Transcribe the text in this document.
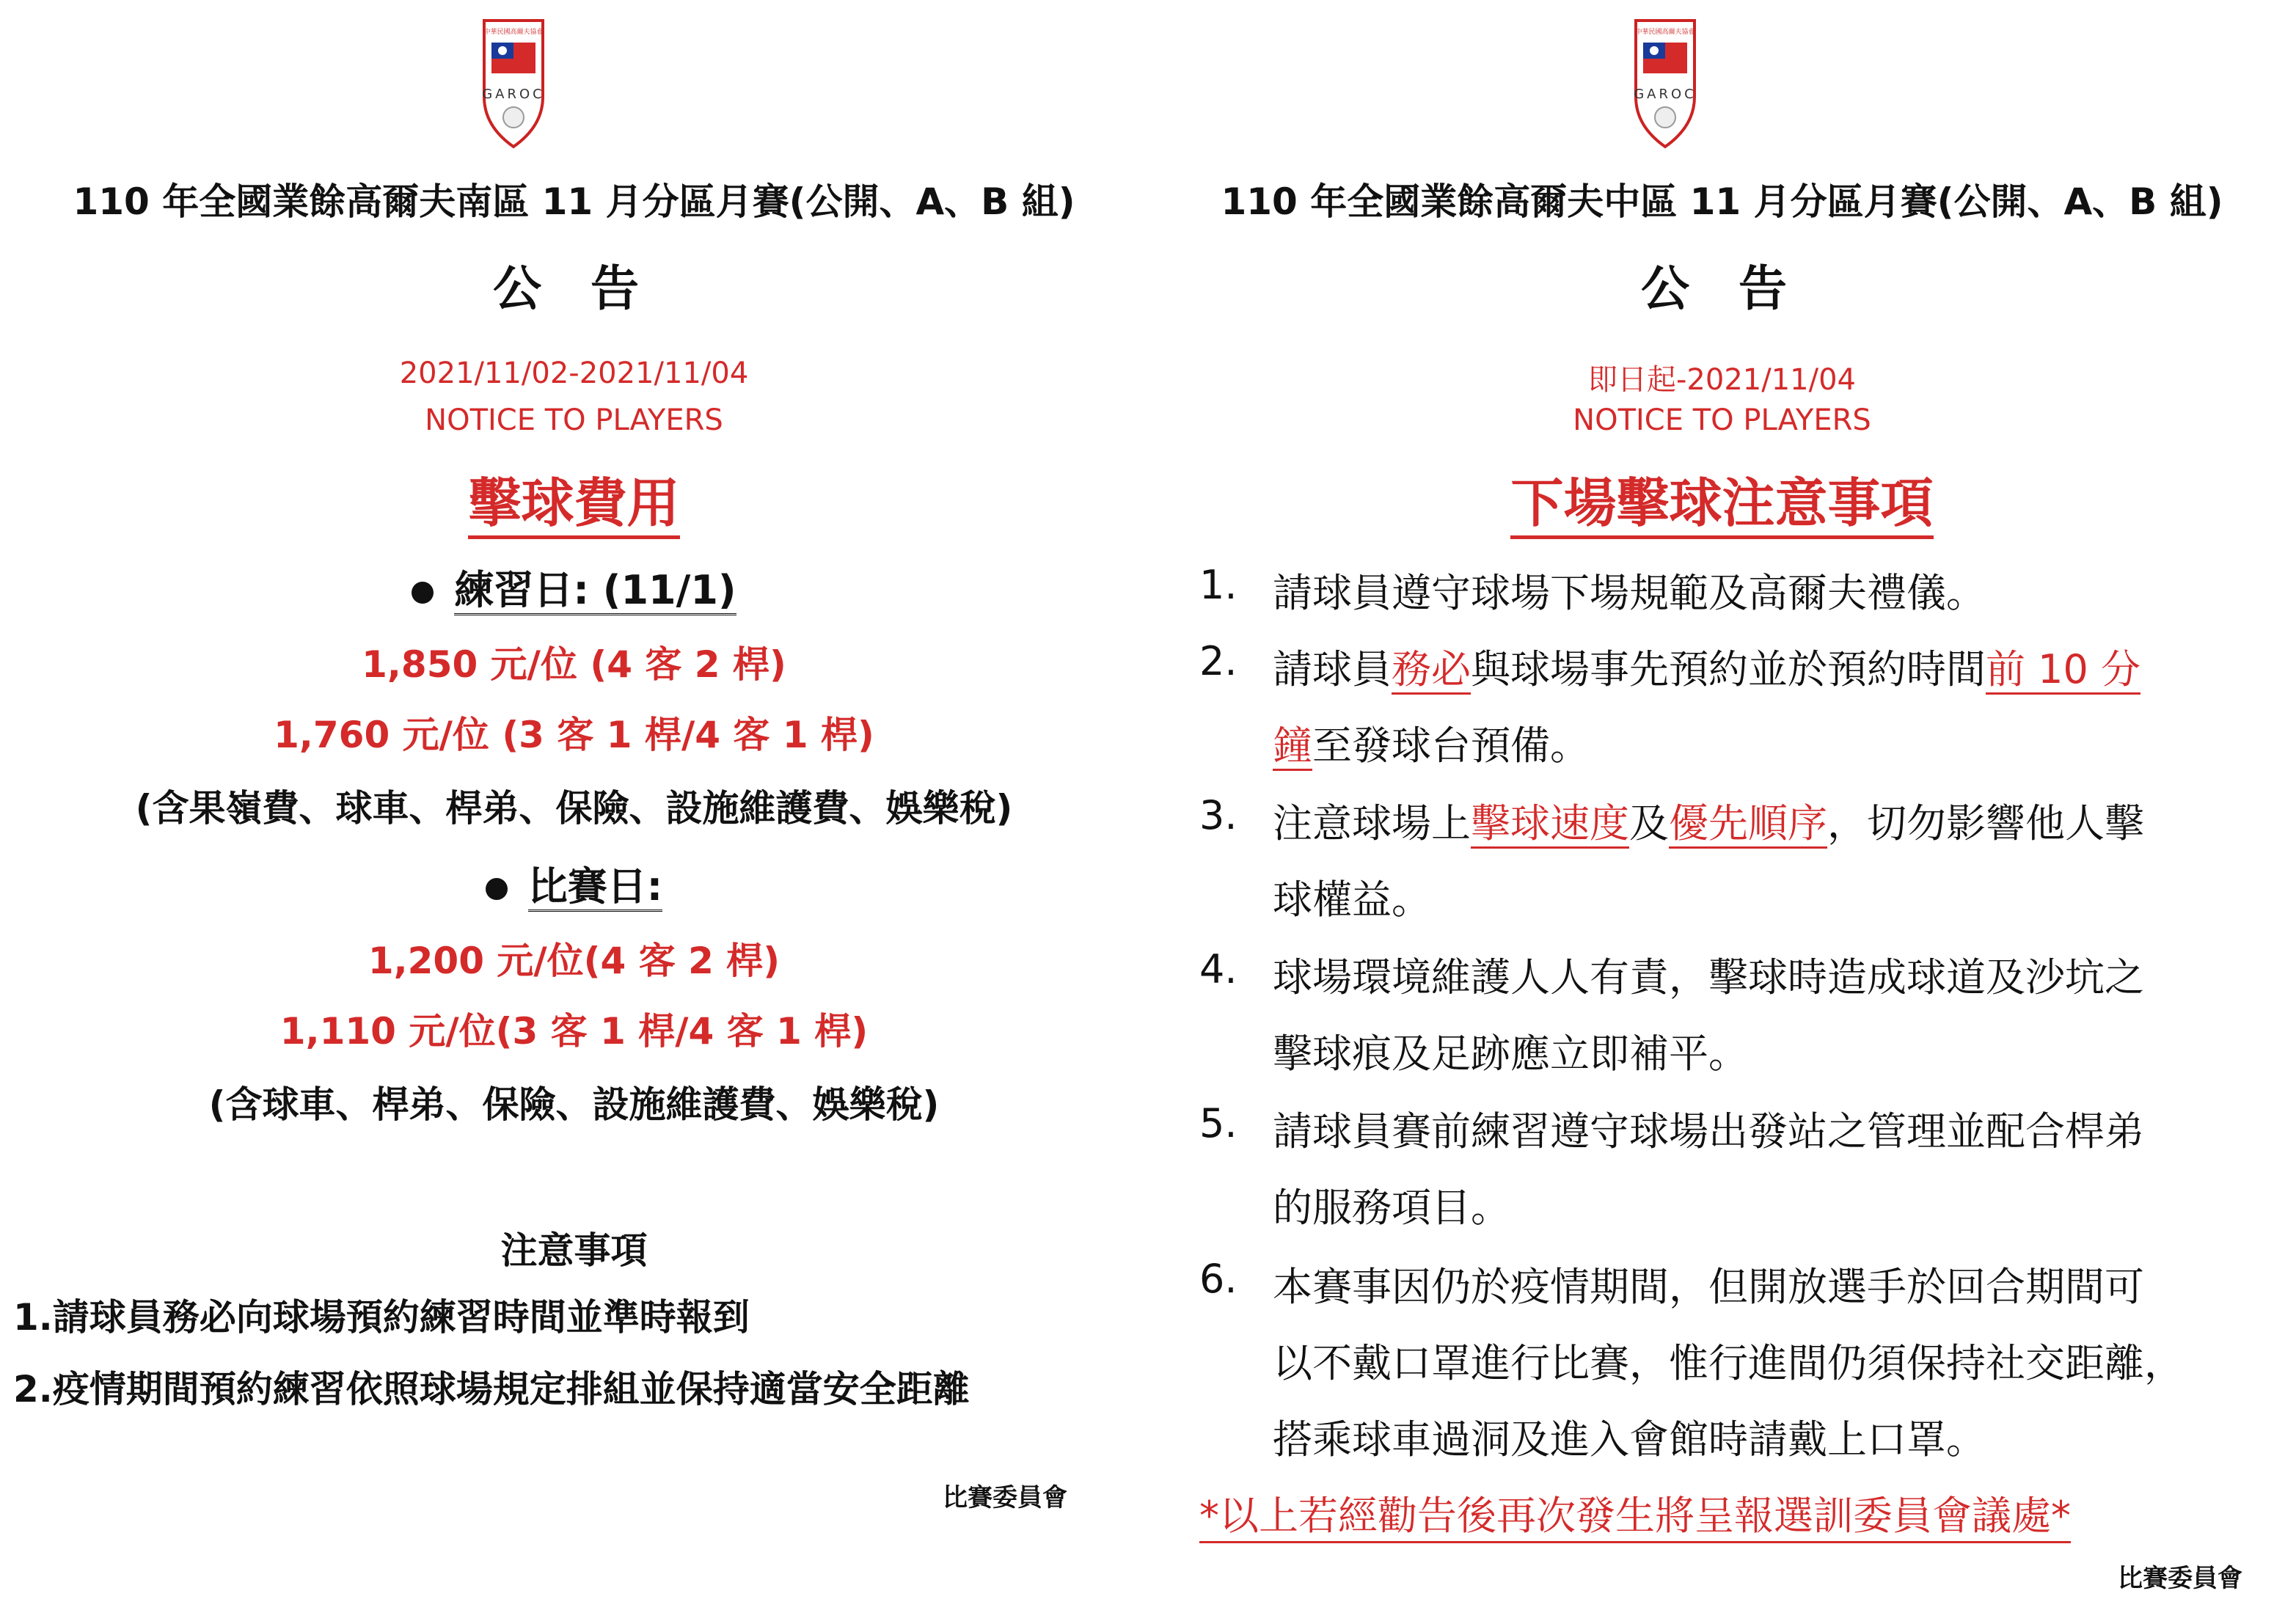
中華民國高爾夫協會
GAROC
110 年全國業餘高爾夫南區 11 月分區月賽(公開、A、B 組)
公 告
2021/11/02-2021/11/04
NOTICE TO PLAYERS
擊球費用
練習日: (11/1)
1,850 元/位 (4 客 2 桿)
1,760 元/位 (3 客 1 桿/4 客 1 桿)
(含果嶺費、球車、桿弟、保險、設施維護費、娛樂稅)
比賽日:
1,200 元/位(4 客 2 桿)
1,110 元/位(3 客 1 桿/4 客 1 桿)
(含球車、桿弟、保險、設施維護費、娛樂稅)
注意事項
1.請球員務必向球場預約練習時間並準時報到
2.疫情期間預約練習依照球場規定排組並保持適當安全距離
比賽委員會
中華民國高爾夫協會
GAROC
110 年全國業餘高爾夫中區 11 月分區月賽(公開、A、B 組)
公 告
即日起-2021/11/04
NOTICE TO PLAYERS
下場擊球注意事項
1. 請球員遵守球場下場規範及高爾夫禮儀。
2. 請球員務必與球場事先預約並於預約時間前 10 分
鐘至發球台預備。
3. 注意球場上擊球速度及優先順序，切勿影響他人擊
球權益。
4. 球場環境維護人人有責，擊球時造成球道及沙坑之
擊球痕及足跡應立即補平。
5. 請球員賽前練習遵守球場出發站之管理並配合桿弟
的服務項目。
6. 本賽事因仍於疫情期間，但開放選手於回合期間可
以不戴口罩進行比賽，惟行進間仍須保持社交距離，
搭乘球車過洞及進入會館時請戴上口罩。
*以上若經勸告後再次發生將呈報選訓委員會議處*
比賽委員會
